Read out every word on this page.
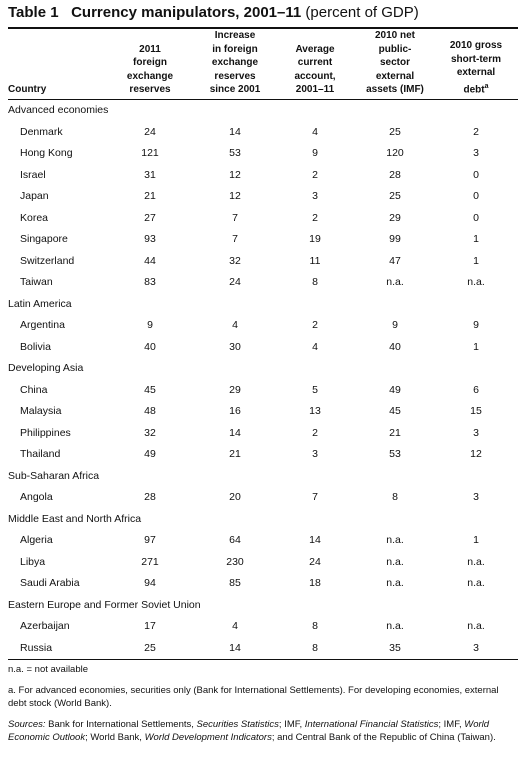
Table 1 Currency manipulators, 2001–11 (percent of GDP)
Country	2011
foreign
exchange
reserves	Increase
in foreign
exchange
reserves
since 2001	Average
current
account,
2001–11	2010 net
public-
sector
external
assets (IMF)	2010 gross
short-term
external
debt$^a$

Advanced economies					
Denmark	24	14	4	25	2
Hong Kong	121	53	9	120	3
Israel	31	12	2	28	0
Japan	21	12	3	25	0
Korea	27	7	2	29	0
Singapore	93	7	19	99	1
Switzerland	44	32	11	47	1
Taiwan	83	24	8	n.a.	n.a.
Latin America					
Argentina	9	4	2	9	9
Bolivia	40	30	4	40	1
Developing Asia					
China	45	29	5	49	6
Malaysia	48	16	13	45	15
Philippines	32	14	2	21	3
Thailand	49	21	3	53	12
Sub-Saharan Africa					
Angola	28	20	7	8	3
Middle East and North Africa					
Algeria	97	64	14	n.a.	1
Libya	271	230	24	n.a.	n.a.
Saudi Arabia	94	85	18	n.a.	n.a.
Eastern Europe and Former Soviet Union					
Azerbaijan	17	4	8	n.a.	n.a.
Russia	25	14	8	35	3

n.a. = not available

a. For advanced economies, securities only (Bank for International Settlements). For developing economies, external debt stock (World Bank).

Sources: Bank for International Settlements, Securities Statistics; IMF, International Financial Statistics; IMF, World Economic Outlook; World Bank, World Development Indicators; and Central Bank of the Republic of China (Taiwan).
